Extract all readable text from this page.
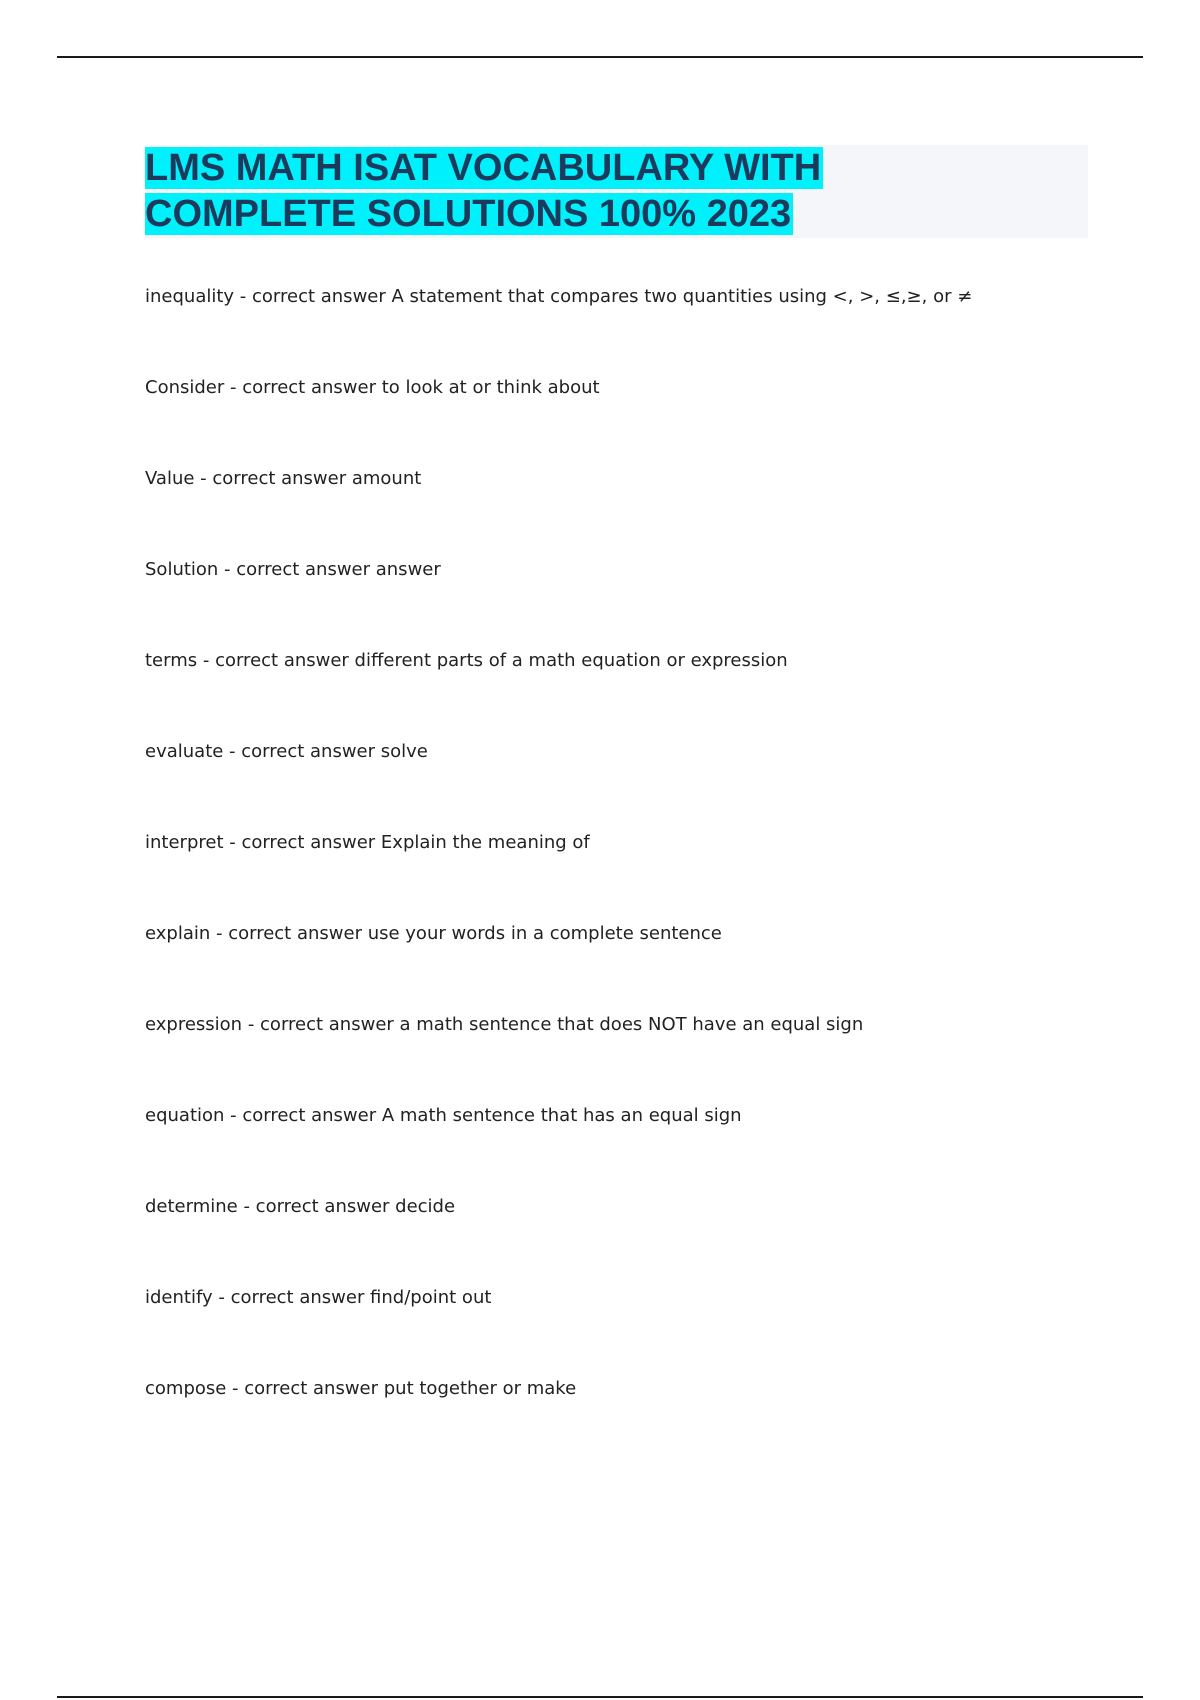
LMS MATH ISAT VOCABULARY WITH
COMPLETE SOLUTIONS 100% 2023
inequality - correct answer A statement that compares two quantities using <, >, ≤,≥, or ≠
Consider - correct answer to look at or think about
Value - correct answer amount
Solution - correct answer answer
terms - correct answer different parts of a math equation or expression
evaluate - correct answer solve
interpret - correct answer Explain the meaning of
explain - correct answer use your words in a complete sentence
expression - correct answer a math sentence that does NOT have an equal sign
equation - correct answer A math sentence that has an equal sign
determine - correct answer decide
identify - correct answer find/point out
compose - correct answer put together or make
